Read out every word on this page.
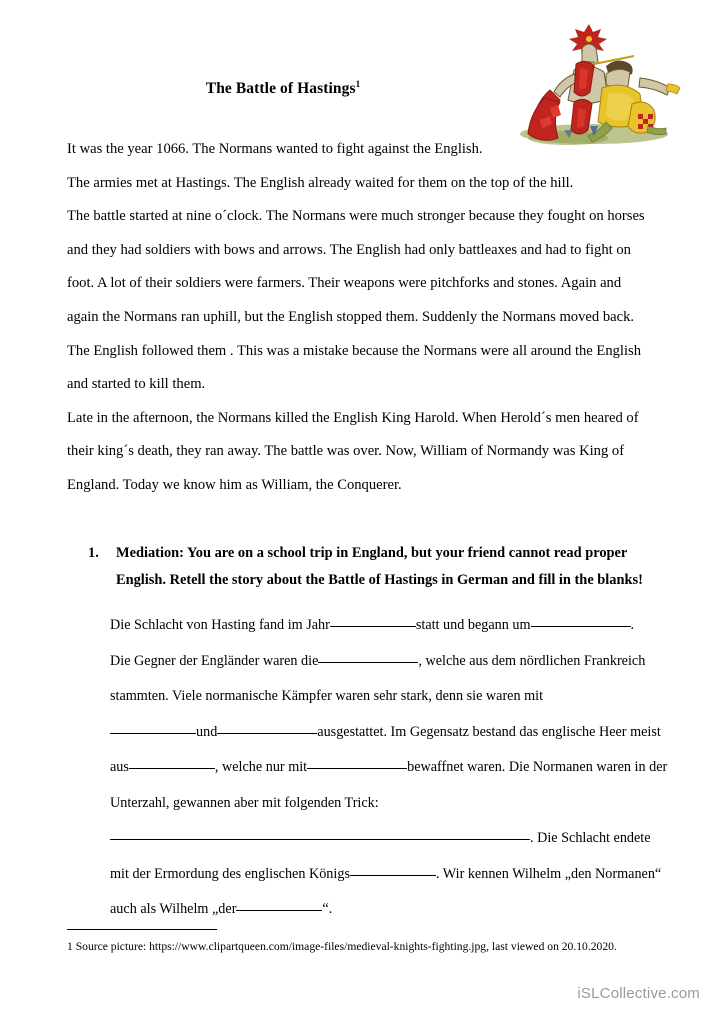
The Battle of Hastings$^1$

It was the year 1066. The Normans wanted to fight against the English.

The armies met at Hastings. The English already waited for them on the top of the hill.

The battle started at nine o´clock. The Normans were much stronger because they fought on horses and they had soldiers with bows and arrows. The English had only battleaxes and had to fight on foot. A lot of their soldiers were farmers. Their weapons were pitchforks and stones. Again and again the Normans ran uphill, but the English stopped them. Suddenly the Normans moved back. The English followed them . This was a mistake because the Normans were all around the English and started to kill them.

Late in the afternoon, the Normans killed the English King Harold. When Herold´s men heared of their king´s death, they ran away. The battle was over. Now, William of Normandy was King of England. Today we know him as William, the Conquerer.

1.	Mediation: You are on a school trip in England, but your friend cannot read proper English. Retell the story about the Battle of Hastings in German and fill in the blanks!

Die Schlacht von Hasting fand im Jahr	statt und begann um	.

Die Gegner der Engländer waren die	, welche aus dem nördlichen Frankreich stammten. Viele normanische Kämpfer waren sehr stark, denn sie waren mit

und	ausgestattet. Im Gegensatz bestand das englische Heer meist aus	, welche nur mit	bewaffnet waren. Die Normanen waren in der Unterzahl, gewannen aber mit folgenden Trick:

. Die Schlacht endete mit der Ermordung des englischen Königs	. Wir kennen Wilhelm „den Normanen“ auch als Wilhelm „der	“.

1 Source picture: https://www.clipartqueen.com/image-files/medieval-knights-fighting.jpg, last viewed on 20.10.2020.
iSLCollective.com
